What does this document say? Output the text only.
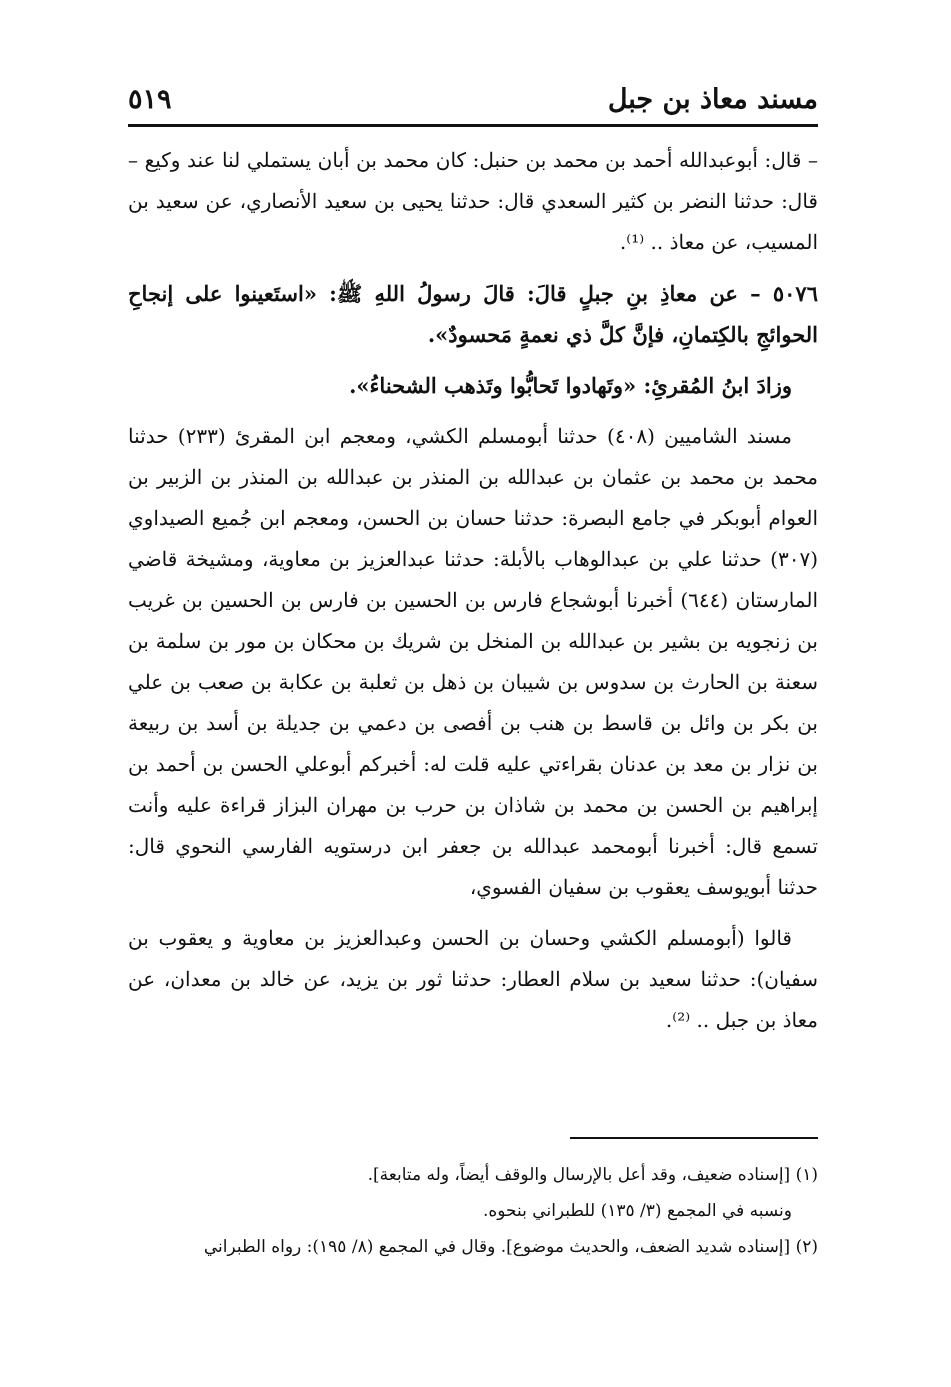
مسند معاذ بن جبل
٥١٩

– قال: أبوعبدالله أحمد بن محمد بن حنبل: كان محمد بن أبان يستملي لنا عند وكيع – قال: حدثنا النضر بن كثير السعدي قال: حدثنا يحيى بن سعيد الأنصاري، عن سعيد بن المسيب، عن معاذ .. ⁽¹⁾.

٥٠٧٦ – عن معاذِ بنِ جبلٍ قالَ: قالَ رسولُ اللهِ ﷺ: «استَعينوا على إنجاحِ الحوائجِ بالكِتمانِ، فإنَّ كلَّ ذي نعمةٍ مَحسودٌ».

وزادَ ابنُ المُقرئِ: «وتَهادوا تَحابُّوا وتَذهب الشحناءُ».

مسند الشاميين (٤٠٨) حدثنا أبومسلم الكشي، ومعجم ابن المقرئ (٢٣٣) حدثنا محمد بن محمد بن عثمان بن عبدالله بن المنذر بن عبدالله بن المنذر بن الزبير بن العوام أبوبكر في جامع البصرة: حدثنا حسان بن الحسن، ومعجم ابن جُميع الصيداوي (٣٠٧) حدثنا علي بن عبدالوهاب بالأبلة: حدثنا عبدالعزيز بن معاوية، ومشيخة قاضي المارستان (٦٤٤) أخبرنا أبوشجاع فارس بن الحسين بن فارس بن الحسين بن غريب بن زنجويه بن بشير بن عبدالله بن المنخل بن شريك بن محكان بن مور بن سلمة بن سعنة بن الحارث بن سدوس بن شيبان بن ذهل بن ثعلبة بن عكابة بن صعب بن علي بن بكر بن وائل بن قاسط بن هنب بن أفصى بن دعمي بن جديلة بن أسد بن ربيعة بن نزار بن معد بن عدنان بقراءتي عليه قلت له: أخبركم أبوعلي الحسن بن أحمد بن إبراهيم بن الحسن بن محمد بن شاذان بن حرب بن مهران البزاز قراءة عليه وأنت تسمع قال: أخبرنا أبومحمد عبدالله بن جعفر ابن درستويه الفارسي النحوي قال: حدثنا أبويوسف يعقوب بن سفيان الفسوي،

قالوا (أبومسلم الكشي وحسان بن الحسن وعبدالعزيز بن معاوية و يعقوب بن سفيان): حدثنا سعيد بن سلام العطار: حدثنا ثور بن يزيد، عن خالد بن معدان، عن معاذ بن جبل .. ⁽²⁾.

(١) [إسناده ضعيف، وقد أعل بالإرسال والوقف أيضاً، وله متابعة].

ونسبه في المجمع (٣/ ١٣٥) للطبراني بنحوه.

(٢) [إسناده شديد الضعف، والحديث موضوع]. وقال في المجمع (٨/ ١٩٥): رواه الطبراني
